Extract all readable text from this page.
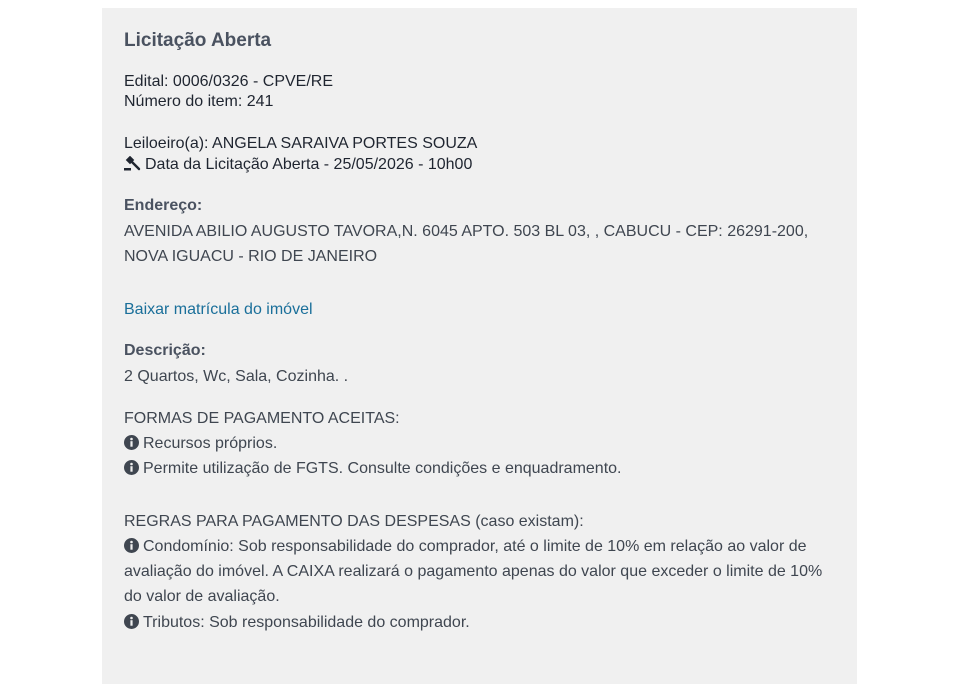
Licitação Aberta
Edital: 0006/0326 - CPVE/RE
Número do item: 241
Leiloeiro(a): ANGELA SARAIVA PORTES SOUZA
Data da Licitação Aberta - 25/05/2026 - 10h00
Endereço:
AVENIDA ABILIO AUGUSTO TAVORA,N. 6045 APTO. 503 BL 03, , CABUCU - CEP: 26291-200, NOVA IGUACU - RIO DE JANEIRO
Baixar matrícula do imóvel
Descrição:
2 Quartos, Wc, Sala, Cozinha. .
FORMAS DE PAGAMENTO ACEITAS:
Recursos próprios.
Permite utilização de FGTS. Consulte condições e enquadramento.
REGRAS PARA PAGAMENTO DAS DESPESAS (caso existam):
Condomínio: Sob responsabilidade do comprador, até o limite de 10% em relação ao valor de avaliação do imóvel. A CAIXA realizará o pagamento apenas do valor que exceder o limite de 10% do valor de avaliação.
Tributos: Sob responsabilidade do comprador.
